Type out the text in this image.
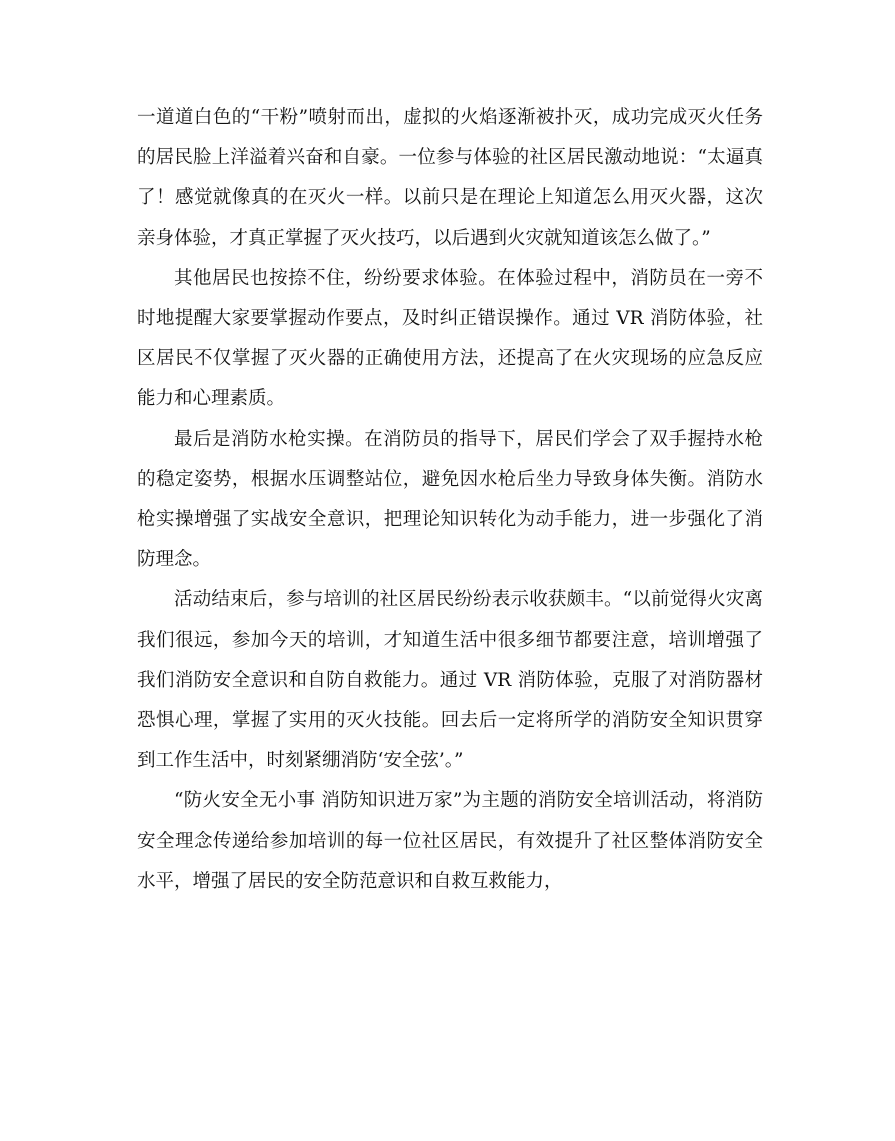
一道道白色的“干粉”喷射而出，虚拟的火焰逐渐被扑灭，成功完成灭火任务的居民脸上洋溢着兴奋和自豪。一位参与体验的社区居民激动地说：“太逼真了！感觉就像真的在灭火一样。以前只是在理论上知道怎么用灭火器，这次亲身体验，才真正掌握了灭火技巧，以后遇到火灾就知道该怎么做了。”

其他居民也按捺不住，纷纷要求体验。在体验过程中，消防员在一旁不时地提醒大家要掌握动作要点，及时纠正错误操作。通过 VR 消防体验，社区居民不仅掌握了灭火器的正确使用方法，还提高了在火灾现场的应急反应能力和心理素质。

最后是消防水枪实操。在消防员的指导下，居民们学会了双手握持水枪的稳定姿势，根据水压调整站位，避免因水枪后坐力导致身体失衡。消防水枪实操增强了实战安全意识，把理论知识转化为动手能力，进一步强化了消防理念。

活动结束后，参与培训的社区居民纷纷表示收获颇丰。“以前觉得火灾离我们很远，参加今天的培训，才知道生活中很多细节都要注意，培训增强了我们消防安全意识和自防自救能力。通过 VR 消防体验，克服了对消防器材恐惧心理，掌握了实用的灭火技能。回去后一定将所学的消防安全知识贯穿到工作生活中，时刻紧绷消防‘安全弦’。”

“防火安全无小事 消防知识进万家”为主题的消防安全培训活动，将消防安全理念传递给参加培训的每一位社区居民，有效提升了社区整体消防安全水平，增强了居民的安全防范意识和自救互救能力，
